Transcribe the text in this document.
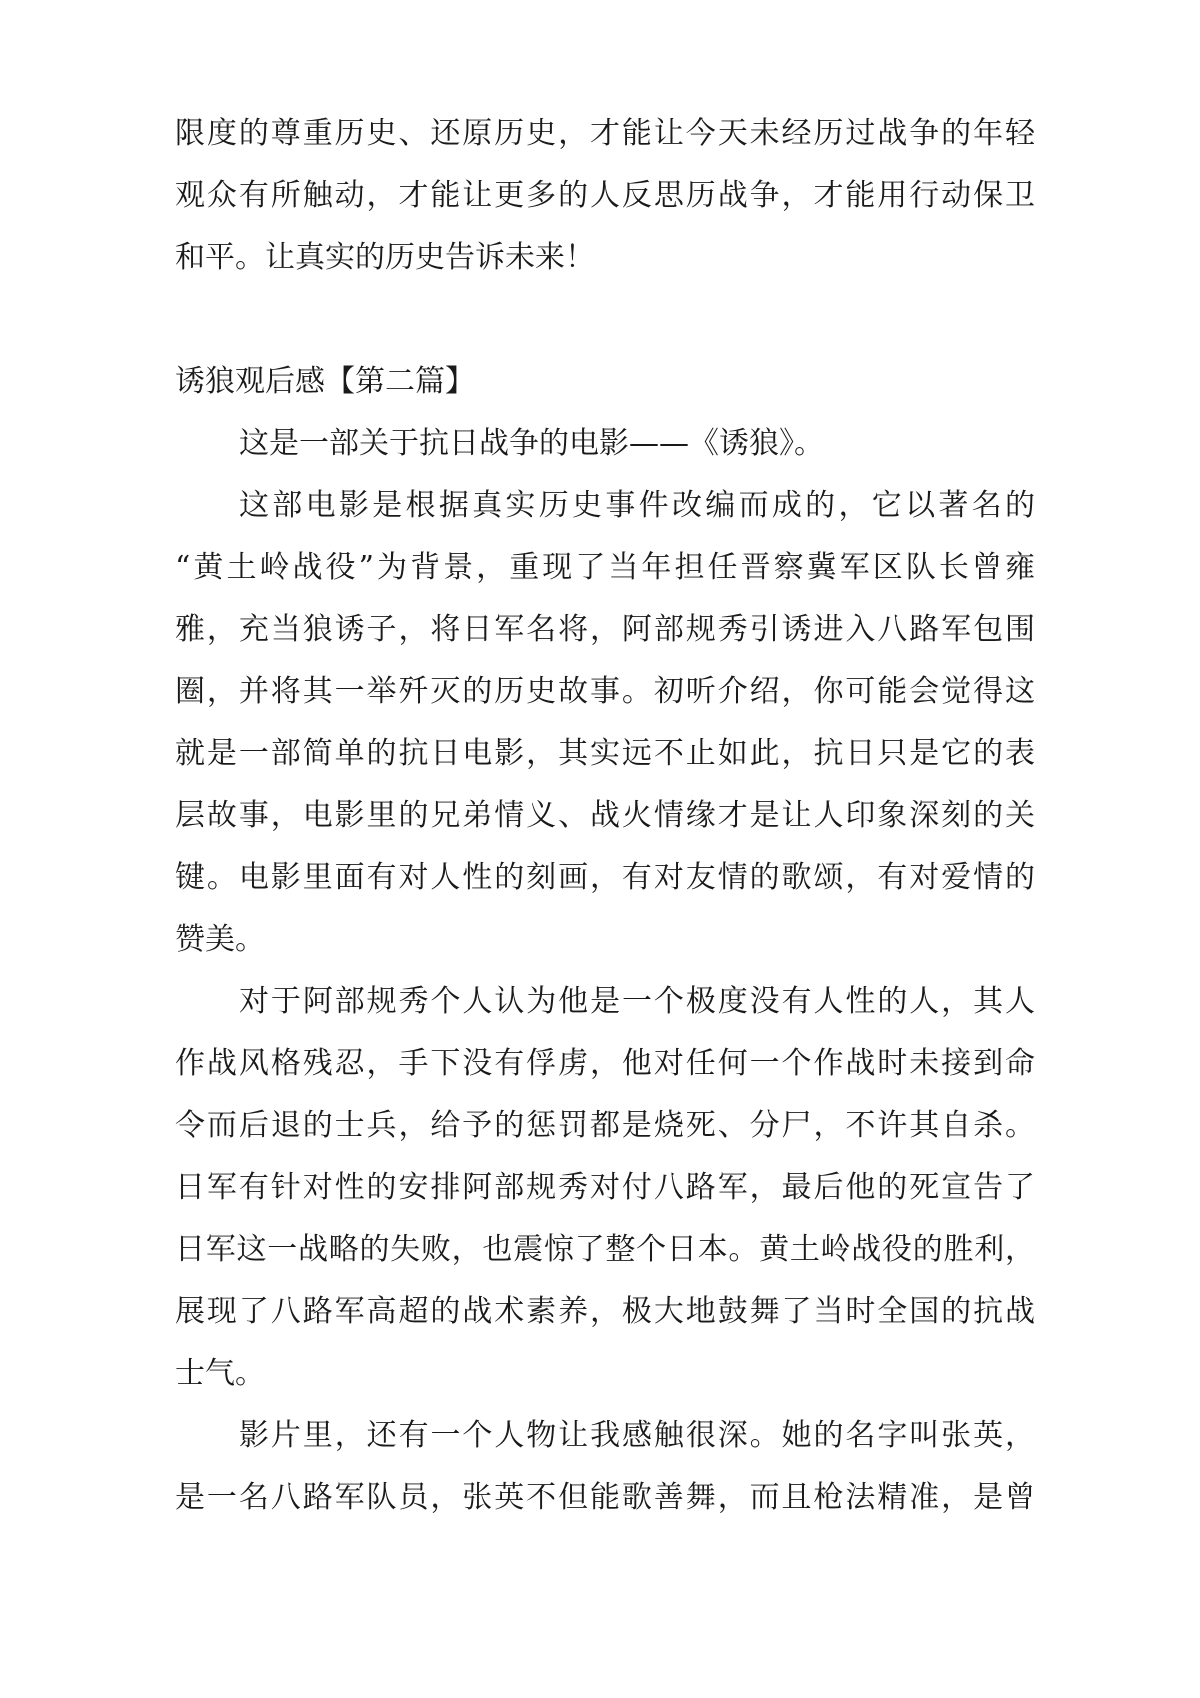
限度的尊重历史、还原历史，才能让今天未经历过战争的年轻
观众有所触动，才能让更多的人反思历战争，才能用行动保卫
和平。让真实的历史告诉未来！
诱狼观后感【第二篇】
这是一部关于抗日战争的电影——《诱狼》。
这部电影是根据真实历史事件改编而成的，它以著名的
“黄土岭战役”为背景，重现了当年担任晋察冀军区队长曾雍
雅，充当狼诱子，将日军名将，阿部规秀引诱进入八路军包围
圈，并将其一举歼灭的历史故事。初听介绍，你可能会觉得这
就是一部简单的抗日电影，其实远不止如此，抗日只是它的表
层故事，电影里的兄弟情义、战火情缘才是让人印象深刻的关
键。电影里面有对人性的刻画，有对友情的歌颂，有对爱情的
赞美。
对于阿部规秀个人认为他是一个极度没有人性的人，其人
作战风格残忍，手下没有俘虏，他对任何一个作战时未接到命
令而后退的士兵，给予的惩罚都是烧死、分尸，不许其自杀。
日军有针对性的安排阿部规秀对付八路军，最后他的死宣告了
日军这一战略的失败，也震惊了整个日本。黄土岭战役的胜利，
展现了八路军高超的战术素养，极大地鼓舞了当时全国的抗战
士气。
影片里，还有一个人物让我感触很深。她的名字叫张英，
是一名八路军队员，张英不但能歌善舞，而且枪法精准，是曾
